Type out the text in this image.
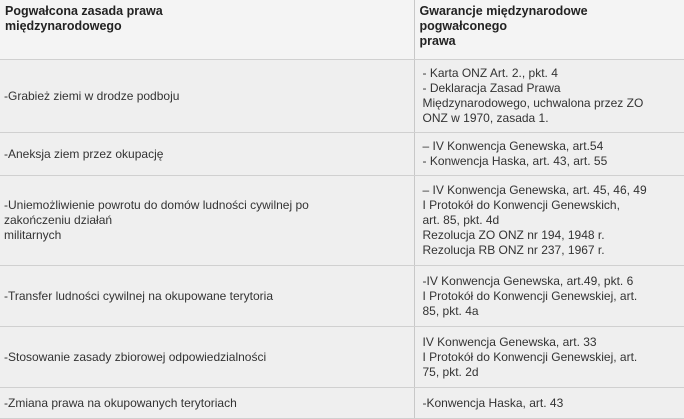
Pogwałcona zasada prawa
międzynarodowego	Gwarancje międzynarodowe
pogwałconego
prawa

-Grabież ziemi w drodze podboju	- Karta ONZ Art. 2., pkt. 4
- Deklaracja Zasad Prawa
Międzynarodowego, uchwalona przez ZO
ONZ w 1970, zasada 1.

-Aneksja ziem przez okupację	– IV Konwencja Genewska, art.54
- Konwencja Haska, art. 43, art. 55

-Uniemożliwienie powrotu do domów ludności cywilnej po
zakończeniu działań
militarnych	– IV Konwencja Genewska, art. 45, 46, 49
I Protokół do Konwencji Genewskich,
art. 85, pkt. 4d
Rezolucja ZO ONZ nr 194, 1948 r.
Rezolucja RB ONZ nr 237, 1967 r.

-Transfer ludności cywilnej na okupowane terytoria	-IV Konwencja Genewska, art.49, pkt. 6
I Protokół do Konwencji Genewskiej, art.
85, pkt. 4a

-Stosowanie zasady zbiorowej odpowiedzialności	IV Konwencja Genewska, art. 33
I Protokół do Konwencji Genewskiej, art.
75, pkt. 2d

-Zmiana prawa na okupowanych terytoriach	-Konwencja Haska, art. 43
